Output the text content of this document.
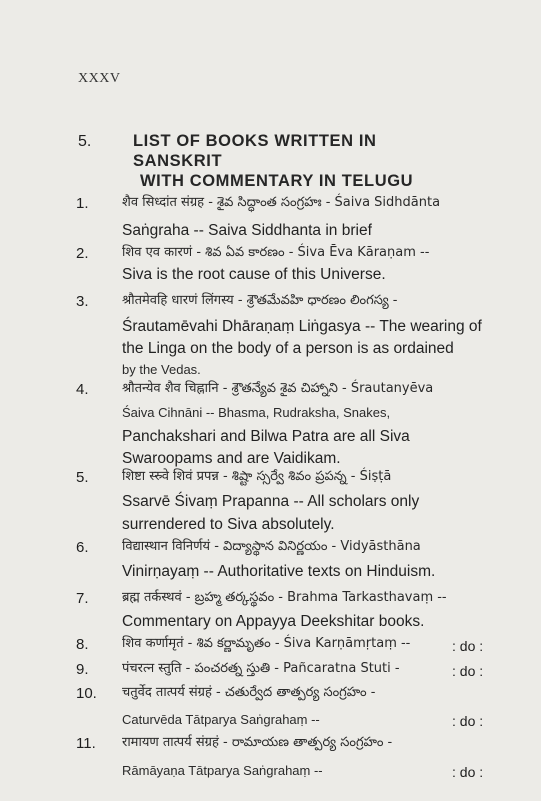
XXXV
5.	LIST OF BOOKS WRITTEN IN SANSKRIT
WITH COMMENTARY IN TELUGU
1.	शैव सिध्दांत संग्रह - శైవ సిద్ధాంత సంగ్రహః - Śaiva Sidhdānta
Saṅgraha -- Saiva Siddhanta in brief
2.	शिव एव कारणं - శివ ఏవ కారణం - Śiva Ēva Kāraṇam --
Siva is the root cause of this Universe.
3.	श्रौतमेवहि धारणं लिंगस्य - శ్రౌతమేవహి ధారణం లింగస్య -
Śrautamēvahi Dhāraṇaṃ Liṅgasya -- The wearing of
the Linga on the body of a person is as ordained
by the Vedas.
4.	श्रौतन्येव शैव चिह्नानि - శ్రౌతన్యేవ శైవ చిహ్నాని - Śrautanyēva
Śaiva Cihnāni -- Bhasma, Rudraksha, Snakes,
Panchakshari and Bilwa Patra are all Siva
Swaroopams and are Vaidikam.
5.	शिष्टा स्स्र्वे शिवं प्रपन्न - శిష్టా స్సర్వే శివం ప్రపన్న - Śiṣṭā
Ssarvē Śivaṃ Prapanna -- All scholars only
surrendered to Siva absolutely.
6.	विद्यास्थान विनिर्णयं - విద్యాస్థాన వినిర్ణయం - Vidyāsthāna
Vinirṇayaṃ -- Authoritative texts on Hinduism.
7.	ब्रह्म तर्कस्थवं - బ్రహ్మ తర్కస్థవం - Brahma Tarkasthavaṃ --
Commentary on Appayya Deekshitar books.
8.	शिव कर्णामृतं - శివ కర్ణామృతం - Śiva Karṇāmṛtaṃ --	: do :
9.	पंचरत्न स्तुति - పంచరత్న స్తుతి - Pañcaratna Stuti -	: do :
10. चतुर्वेद तात्पर्य संग्रहं - చతుర్వేద తాత్పర్య సంగ్రహం -
Caturvēda Tātparya Saṅgrahaṃ --	: do :
11. रामायण तात्पर्य संग्रहं - రామాయణ తాత్పర్య సంగ్రహం -
Rāmāyaṇa Tātparya Saṅgrahaṃ --	: do :
